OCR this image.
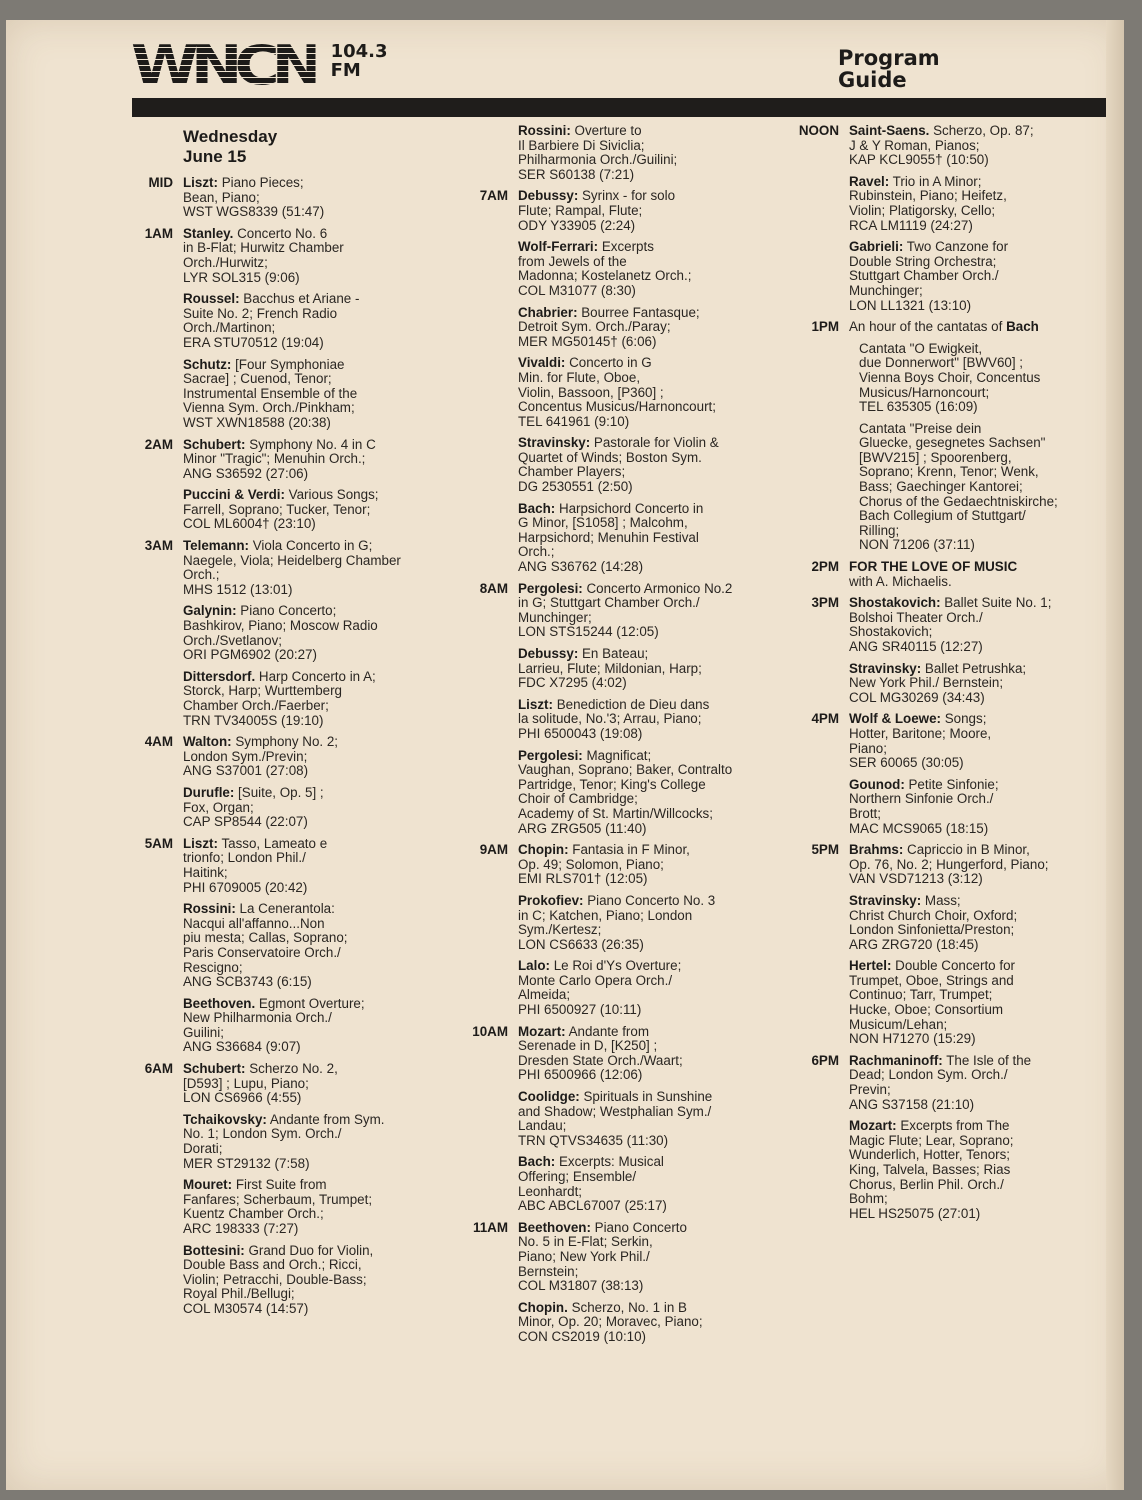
WNCN 104.3
FM
Program
Guide
Wednesday
June 15
MID Liszt: Piano Pieces;
Bean, Piano;
WST WGS8339 (51:47)
1AM Stanley. Concerto No. 6
in B-Flat; Hurwitz Chamber
Orch./Hurwitz;
LYR SOL315 (9:06)
Roussel: Bacchus et Ariane -
Suite No. 2; French Radio
Orch./Martinon;
ERA STU70512 (19:04)
Schutz: [Four Symphoniae
Sacrae] ; Cuenod, Tenor;
Instrumental Ensemble of the
Vienna Sym. Orch./Pinkham;
WST XWN18588 (20:38)
2AM Schubert: Symphony No. 4 in C
Minor "Tragic"; Menuhin Orch.;
ANG S36592 (27:06)
Puccini & Verdi: Various Songs;
Farrell, Soprano; Tucker, Tenor;
COL ML6004† (23:10)
3AM Telemann: Viola Concerto in G;
Naegele, Viola; Heidelberg Chamber
Orch.;
MHS 1512 (13:01)
Galynin: Piano Concerto;
Bashkirov, Piano; Moscow Radio
Orch./Svetlanov;
ORI PGM6902 (20:27)
Dittersdorf. Harp Concerto in A;
Storck, Harp; Wurttemberg
Chamber Orch./Faerber;
TRN TV34005S (19:10)
4AM Walton: Symphony No. 2;
London Sym./Previn;
ANG S37001 (27:08)
Durufle: [Suite, Op. 5] ;
Fox, Organ;
CAP SP8544 (22:07)
5AM Liszt: Tasso, Lameato e
trionfo; London Phil./
Haitink;
PHI 6709005 (20:42)
Rossini: La Cenerantola:
Nacqui all'affanno...Non
piu mesta; Callas, Soprano;
Paris Conservatoire Orch./
Rescigno;
ANG SCB3743 (6:15)
Beethoven. Egmont Overture;
New Philharmonia Orch./
Guilini;
ANG S36684 (9:07)
6AM Schubert: Scherzo No. 2,
[D593] ; Lupu, Piano;
LON CS6966 (4:55)
Tchaikovsky: Andante from Sym.
No. 1; London Sym. Orch./
Dorati;
MER ST29132 (7:58)
Mouret: First Suite from
Fanfares; Scherbaum, Trumpet;
Kuentz Chamber Orch.;
ARC 198333 (7:27)
Bottesini: Grand Duo for Violin,
Double Bass and Orch.; Ricci,
Violin; Petracchi, Double-Bass;
Royal Phil./Bellugi;
COL M30574 (14:57)
Rossini: Overture to
Il Barbiere Di Siviclia;
Philharmonia Orch./Guilini;
SER S60138 (7:21)
7AM Debussy: Syrinx - for solo
Flute; Rampal, Flute;
ODY Y33905 (2:24)
Wolf-Ferrari: Excerpts
from Jewels of the
Madonna; Kostelanetz Orch.;
COL M31077 (8:30)
Chabrier: Bourree Fantasque;
Detroit Sym. Orch./Paray;
MER MG50145† (6:06)
Vivaldi: Concerto in G
Min. for Flute, Oboe,
Violin, Bassoon, [P360] ;
Concentus Musicus/Harnoncourt;
TEL 641961 (9:10)
Stravinsky: Pastorale for Violin &
Quartet of Winds; Boston Sym.
Chamber Players;
DG 2530551 (2:50)
Bach: Harpsichord Concerto in
G Minor, [S1058] ; Malcohm,
Harpsichord; Menuhin Festival
Orch.;
ANG S36762 (14:28)
8AM Pergolesi: Concerto Armonico No.2
in G; Stuttgart Chamber Orch./
Munchinger;
LON STS15244 (12:05)
Debussy: En Bateau;
Larrieu, Flute; Mildonian, Harp;
FDC X7295 (4:02)
Liszt: Benediction de Dieu dans
la solitude, No.'3; Arrau, Piano;
PHI 6500043 (19:08)
Pergolesi: Magnificat;
Vaughan, Soprano; Baker, Contralto
Partridge, Tenor; King's College
Choir of Cambridge;
Academy of St. Martin/Willcocks;
ARG ZRG505 (11:40)
9AM Chopin: Fantasia in F Minor,
Op. 49; Solomon, Piano;
EMI RLS701† (12:05)
Prokofiev: Piano Concerto No. 3
in C; Katchen, Piano; London
Sym./Kertesz;
LON CS6633 (26:35)
Lalo: Le Roi d'Ys Overture;
Monte Carlo Opera Orch./
Almeida;
PHI 6500927 (10:11)
10AM Mozart: Andante from
Serenade in D, [K250] ;
Dresden State Orch./Waart;
PHI 6500966 (12:06)
Coolidge: Spirituals in Sunshine
and Shadow; Westphalian Sym./
Landau;
TRN QTVS34635 (11:30)
Bach: Excerpts: Musical
Offering; Ensemble/
Leonhardt;
ABC ABCL67007 (25:17)
11AM Beethoven: Piano Concerto
No. 5 in E-Flat; Serkin,
Piano; New York Phil./
Bernstein;
COL M31807 (38:13)
Chopin. Scherzo, No. 1 in B
Minor, Op. 20; Moravec, Piano;
CON CS2019 (10:10)
NOON Saint-Saens. Scherzo, Op. 87;
J & Y Roman, Pianos;
KAP KCL9055† (10:50)
Ravel: Trio in A Minor;
Rubinstein, Piano; Heifetz,
Violin; Platigorsky, Cello;
RCA LM1119 (24:27)
Gabrieli: Two Canzone for
Double String Orchestra;
Stuttgart Chamber Orch./
Munchinger;
LON LL1321 (13:10)
1PM An hour of the cantatas of Bach
Cantata "O Ewigkeit,
due Donnerwort" [BWV60] ;
Vienna Boys Choir, Concentus
Musicus/Harnoncourt;
TEL 635305 (16:09)
Cantata "Preise dein
Gluecke, gesegnetes Sachsen"
[BWV215] ; Spoorenberg,
Soprano; Krenn, Tenor; Wenk,
Bass; Gaechinger Kantorei;
Chorus of the Gedaechtniskirche;
Bach Collegium of Stuttgart/
Rilling;
NON 71206 (37:11)
2PM FOR THE LOVE OF MUSIC
with A. Michaelis.
3PM Shostakovich: Ballet Suite No. 1;
Bolshoi Theater Orch./
Shostakovich;
ANG SR40115 (12:27)
Stravinsky: Ballet Petrushka;
New York Phil./ Bernstein;
COL MG30269 (34:43)
4PM Wolf & Loewe: Songs;
Hotter, Baritone; Moore,
Piano;
SER 60065 (30:05)
Gounod: Petite Sinfonie;
Northern Sinfonie Orch./
Brott;
MAC MCS9065 (18:15)
5PM Brahms: Capriccio in B Minor,
Op. 76, No. 2; Hungerford, Piano;
VAN VSD71213 (3:12)
Stravinsky: Mass;
Christ Church Choir, Oxford;
London Sinfonietta/Preston;
ARG ZRG720 (18:45)
Hertel: Double Concerto for
Trumpet, Oboe, Strings and
Continuo; Tarr, Trumpet;
Hucke, Oboe; Consortium
Musicum/Lehan;
NON H71270 (15:29)
6PM Rachmaninoff: The Isle of the
Dead; London Sym. Orch./
Previn;
ANG S37158 (21:10)
Mozart: Excerpts from The
Magic Flute; Lear, Soprano;
Wunderlich, Hotter, Tenors;
King, Talvela, Basses; Rias
Chorus, Berlin Phil. Orch./
Bohm;
HEL HS25075 (27:01)
